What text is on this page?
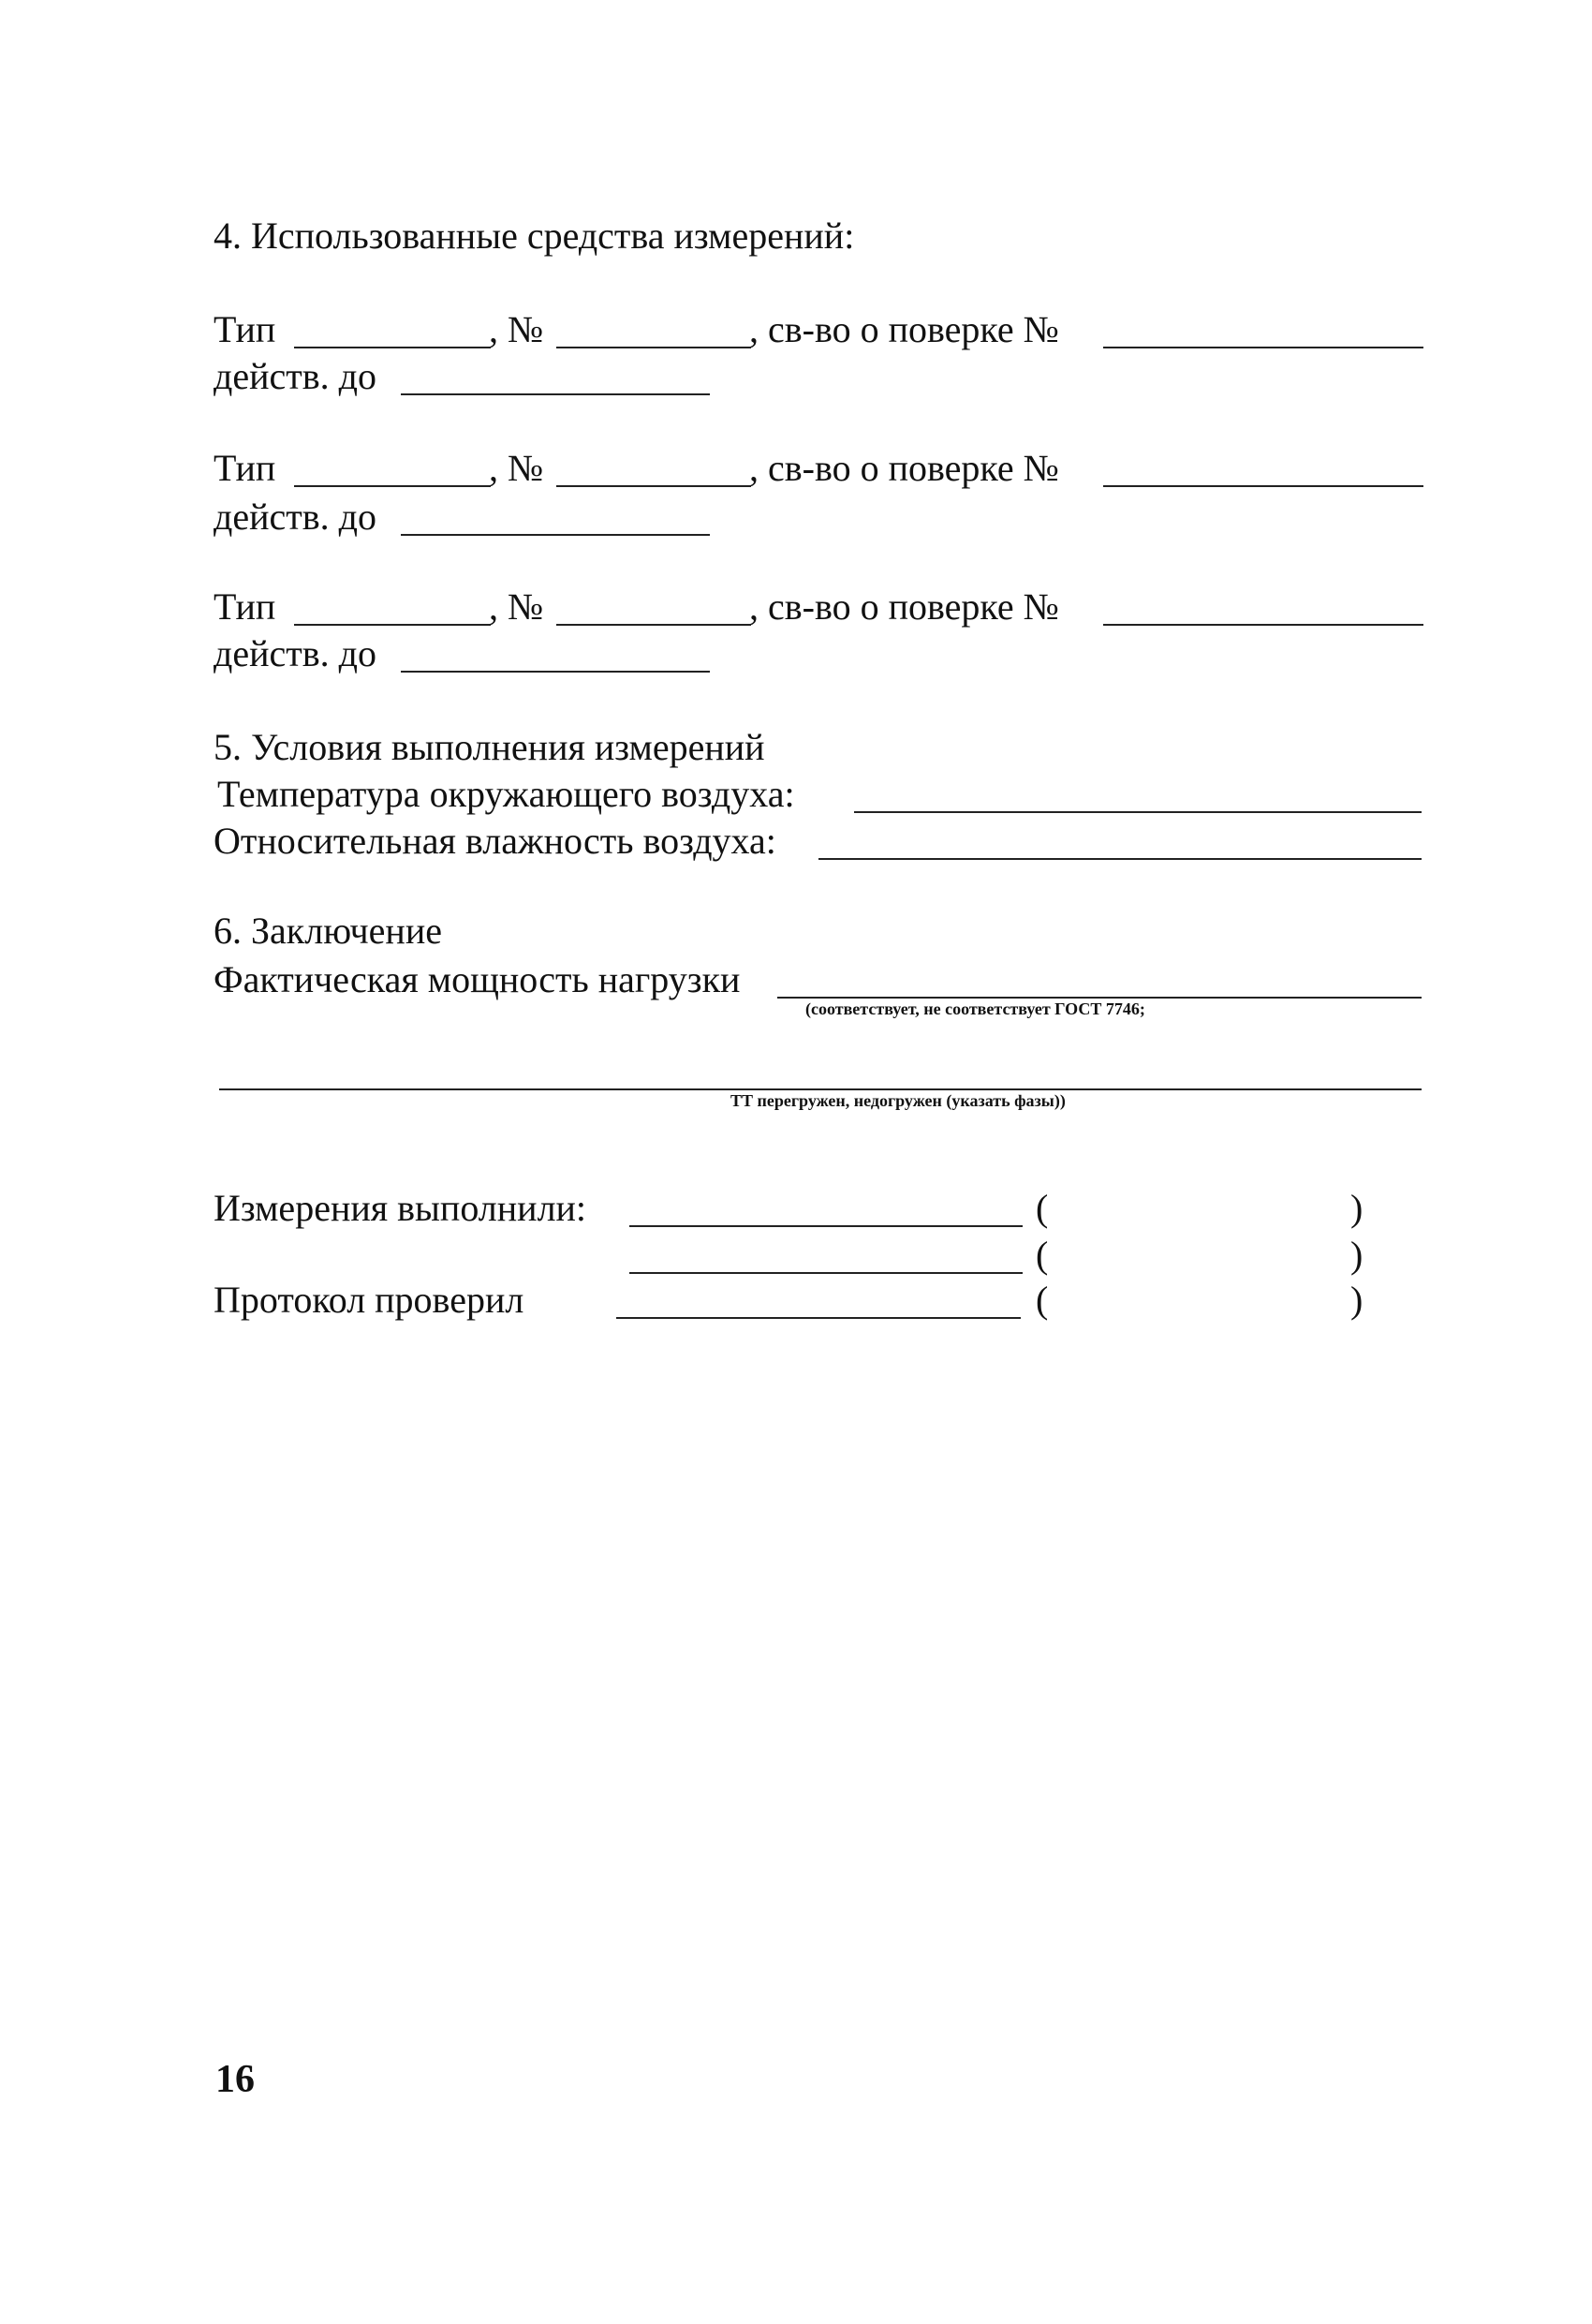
4. Использованные средства измерений:
Тип	, №	, св-во о поверке №
действ. до
Тип	, №	, св-во о поверке №
действ. до
Тип	, №	, св-во о поверке №
действ. до
5. Условия выполнения измерений
Температура окружающего воздуха:
Относительная влажность воздуха:
6. Заключение
Фактическая мощность нагрузки
(соответствует, не соответствует ГОСТ 7746;
ТТ перегружен, недогружен (указать фазы))
Измерения выполнили:	(	)
(	)
Протокол проверил	(	)
16
